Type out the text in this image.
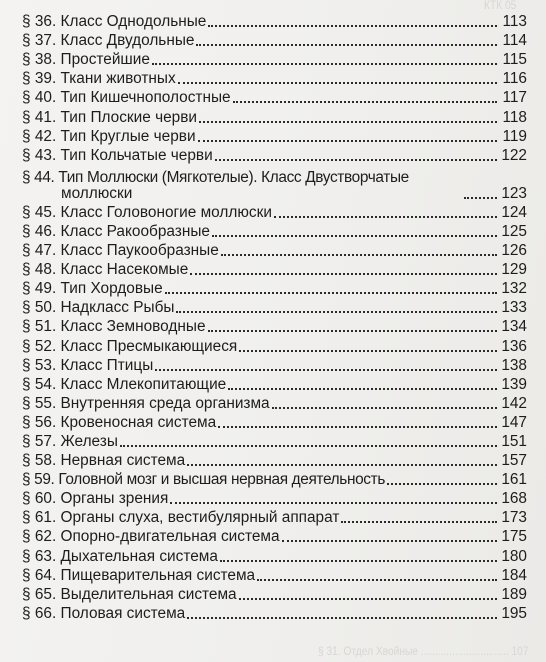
КТК 05
§ 31. Отдел Хвойные ............................... 107
§ 36. Класс Однодольные	113
§ 37. Класс Двудольные	114
§ 38. Простейшие	115
§ 39. Ткани животных	116
§ 40. Тип Кишечнополостные	117
§ 41. Тип Плоские черви	118
§ 42. Тип Круглые черви	119
§ 43. Тип Кольчатые черви	122
§ 44. Тип Моллюски (Мягкотелые). Класс Двустворчатые
моллюски	123
§ 45. Класс Головоногие моллюски	124
§ 46. Класс Ракообразные	125
§ 47. Класс Паукообразные	126
§ 48. Класс Насекомые	129
§ 49. Тип Хордовые	132
§ 50. Надкласс Рыбы	133
§ 51. Класс Земноводные	134
§ 52. Класс Пресмыкающиеся	136
§ 53. Класс Птицы	138
§ 54. Класс Млекопитающие	139
§ 55. Внутренняя среда организма	142
§ 56. Кровеносная система	147
§ 57. Железы	151
§ 58. Нервная система	157
§ 59. Головной мозг и высшая нервная деятельность	161
§ 60. Органы зрения	168
§ 61. Органы слуха, вестибулярный аппарат	173
§ 62. Опорно-двигательная система	175
§ 63. Дыхательная система	180
§ 64. Пищеварительная система	184
§ 65. Выделительная система	189
§ 66. Половая система	195
